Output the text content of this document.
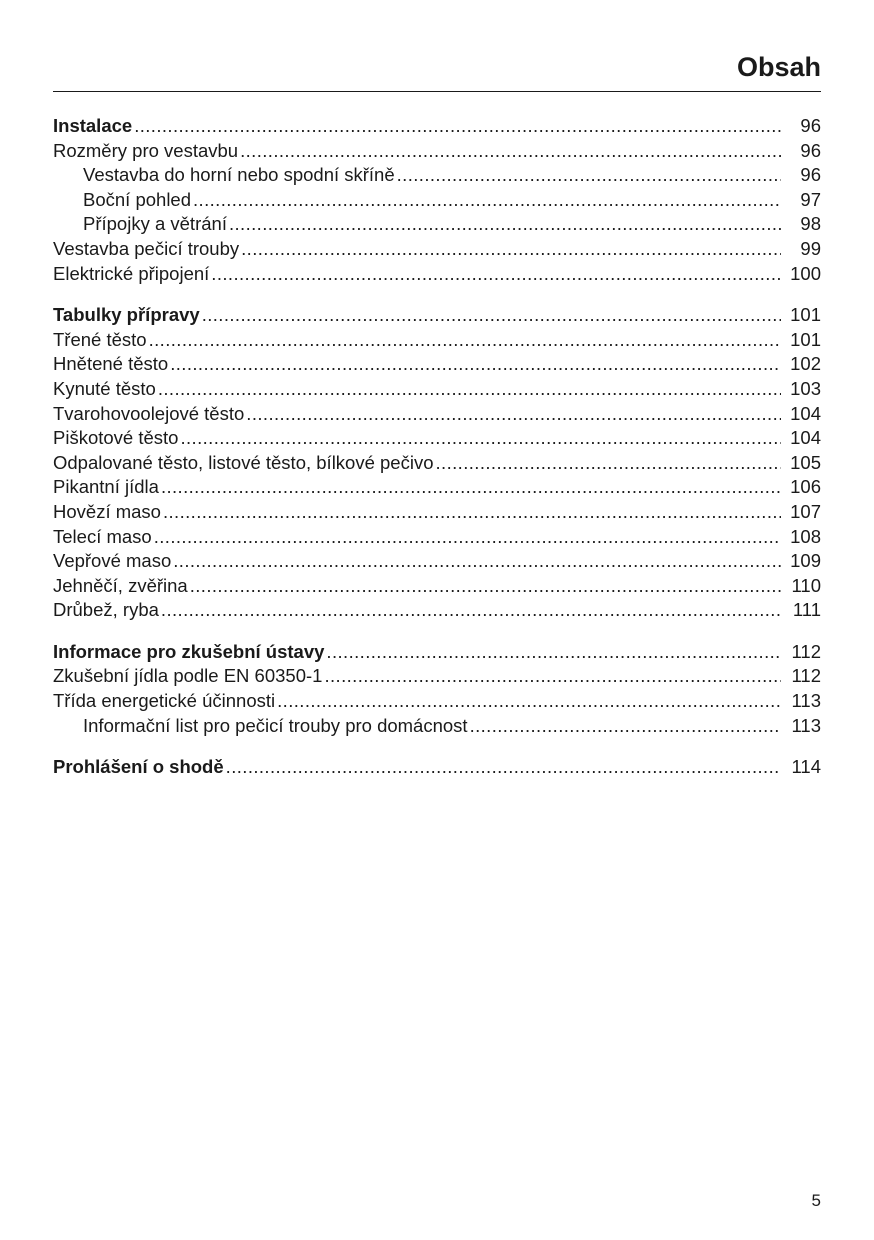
Obsah
Instalace .....	96
Rozměry pro vestavbu .....	96
Vestavba do horní nebo spodní skříně .....	96
Boční pohled .....	97
Přípojky a větrání .....	98
Vestavba pečicí trouby .....	99
Elektrické připojení .....	100
Tabulky přípravy .....	101
Třené těsto .....	101
Hnětené těsto .....	102
Kynuté těsto .....	103
Tvarohovoolejové těsto .....	104
Piškotové těsto .....	104
Odpalované těsto, listové těsto, bílkové pečivo .....	105
Pikantní jídla .....	106
Hovězí maso .....	107
Telecí maso .....	108
Vepřové maso .....	109
Jehněčí, zvěřina .....	110
Drůbež, ryba .....	111
Informace pro zkušební ústavy .....	112
Zkušební jídla podle EN 60350-1 .....	112
Třída energetické účinnosti .....	113
Informační list pro pečicí trouby pro domácnost .....	113
Prohlášení o shodě .....	114
5
